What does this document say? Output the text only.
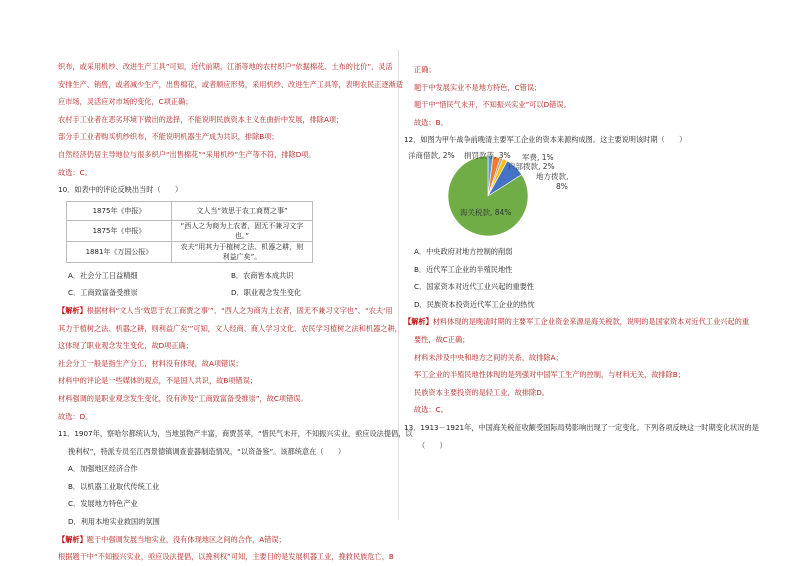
织布，或采用机纱、改进生产工具”可知，近代前期，江浙等地的农村织户“依据棉花、土布的比价”，灵活
安排生产、销售，或者减少生产，出售棉花，或者顺应形势，采用机纱、改进生产工具等，表明农民正逐渐适
应市场，灵活应对市场的变化，C项正确；
农村手工业者在恶劣环境下做出的选择，不能说明民族资本主义在曲折中发展，排除A项；
部分手工业者购买机纱织布，不能说明机器生产成为共识，排除B项；
自然经济仍居主导地位与很多织户“出售棉花”“采用机纱”生产等不符，排除D项。
故选：C。
10．如表中的评论反映出当时（　　）
1875年《申报》	文人当“效思于农工商贾之事”
1875年《申报》	“西人之为商为上农者，固无不兼习文字也。”
1881年《万国公报》	农夫“用其力于植树之法、机器之耕，则利益广矣”。
A．社会分工日益精细	B．农商皆本成共识
C．工商致富备受推崇	D．职业观念发生变化
【解析】根据材料“文人当‘效思于农工商贾之事’”、“西人之为商为上农者，固无不兼习文字也”、“农夫‘用
其力于植树之法、机器之耕，则利益广矣’”可知，文人经商、商人学习文化、农民学习植树之法和机器之耕，
这体现了职业观念发生变化，故D项正确；
社会分工一般是指生产分工，材料没有体现，故A项错误；
材料中的评论是一些媒体的观点，不是国人共识，故B项错误；
材料强调的是职业观念发生变化，没有涉及“工商致富备受推崇”，故C项错误。
故选：D。
11．1907年，察哈尔都统认为，当地虽物产丰富，商贾荟萃，“惜民气未开，不知振兴实业，亟应设法提倡，以
挽利权”，特派专员至江西景德镇调查瓷器制造情况，“以资备鉴”。该都统意在（　　）
A．加强地区经济合作
B．以机器工业取代传统工业
C．发展地方特色产业
D．利用本地实业救国的氛围
【解析】题干中强调发展当地实业，没有体现地区之间的合作，A错误；
根据题干中“不知振兴实业，亟应设法提倡，以挽利权”可知，主要目的是发展机器工业，挽救民族危亡，B
正确；
题干中发展实业不是地方特色，C错误；
题干中“惜民气未开，不知振兴实业”可以D错误。
故选：B。
12．如图为甲午战争前晚清主要军工企业的资本来源构成图。这主要说明该时期（　　）
洋商借款, 2% 捐罚款等, 3% 军费, 1%
户部拨款, 2%
地方拨款,
8%
海关税款, 84%
A．中央政府对地方控制的削弱
B．近代军工企业的半殖民地性
C．国家资本对近代工业兴起的重要性
D．民族资本投资近代军工企业的热忱
【解析】材料体现的是晚清时期的主要军工企业资金来源是海关税款，说明的是国家资本对近代工业兴起的重
要性，故C正确；
材料未涉及中央和地方之间的关系，故排除A；
军工企业的半殖民地性体现的是列强对中国军工生产的控制，与材料无关，故排除B；
民族资本主要投资的是轻工业，故排除D。
故选：C。
13．1913－1921年，中国海关税征收额受国际局势影响出现了一定变化。下列各项反映这一时期变化状况的是
（　　）
